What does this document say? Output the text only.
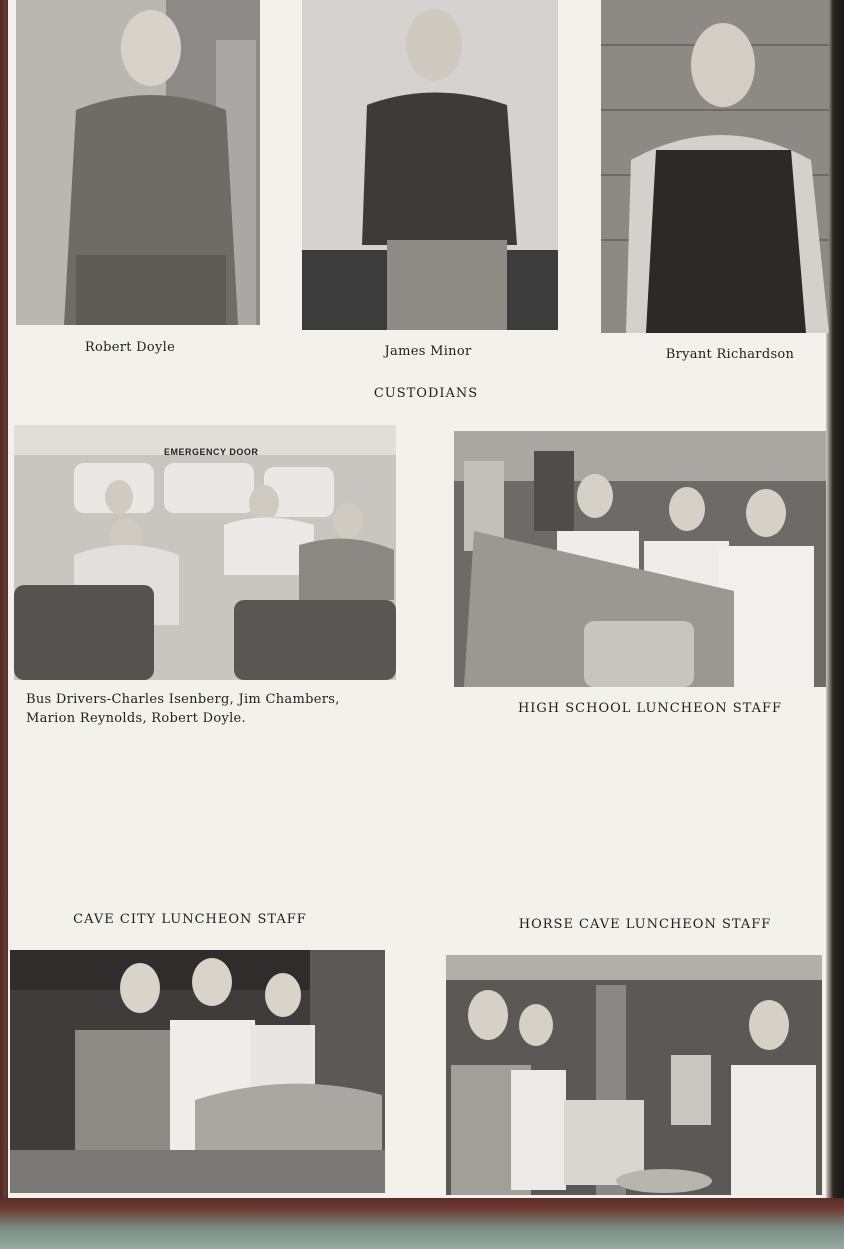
Robert Doyle	James Minor	Bryant Richardson
CUSTODIANS
EMERGENCY DOOR
Bus Drivers-Charles Isenberg, Jim Chambers,
Marion Reynolds, Robert Doyle.
HIGH SCHOOL LUNCHEON STAFF
CAVE CITY LUNCHEON STAFF	HORSE CAVE LUNCHEON STAFF
